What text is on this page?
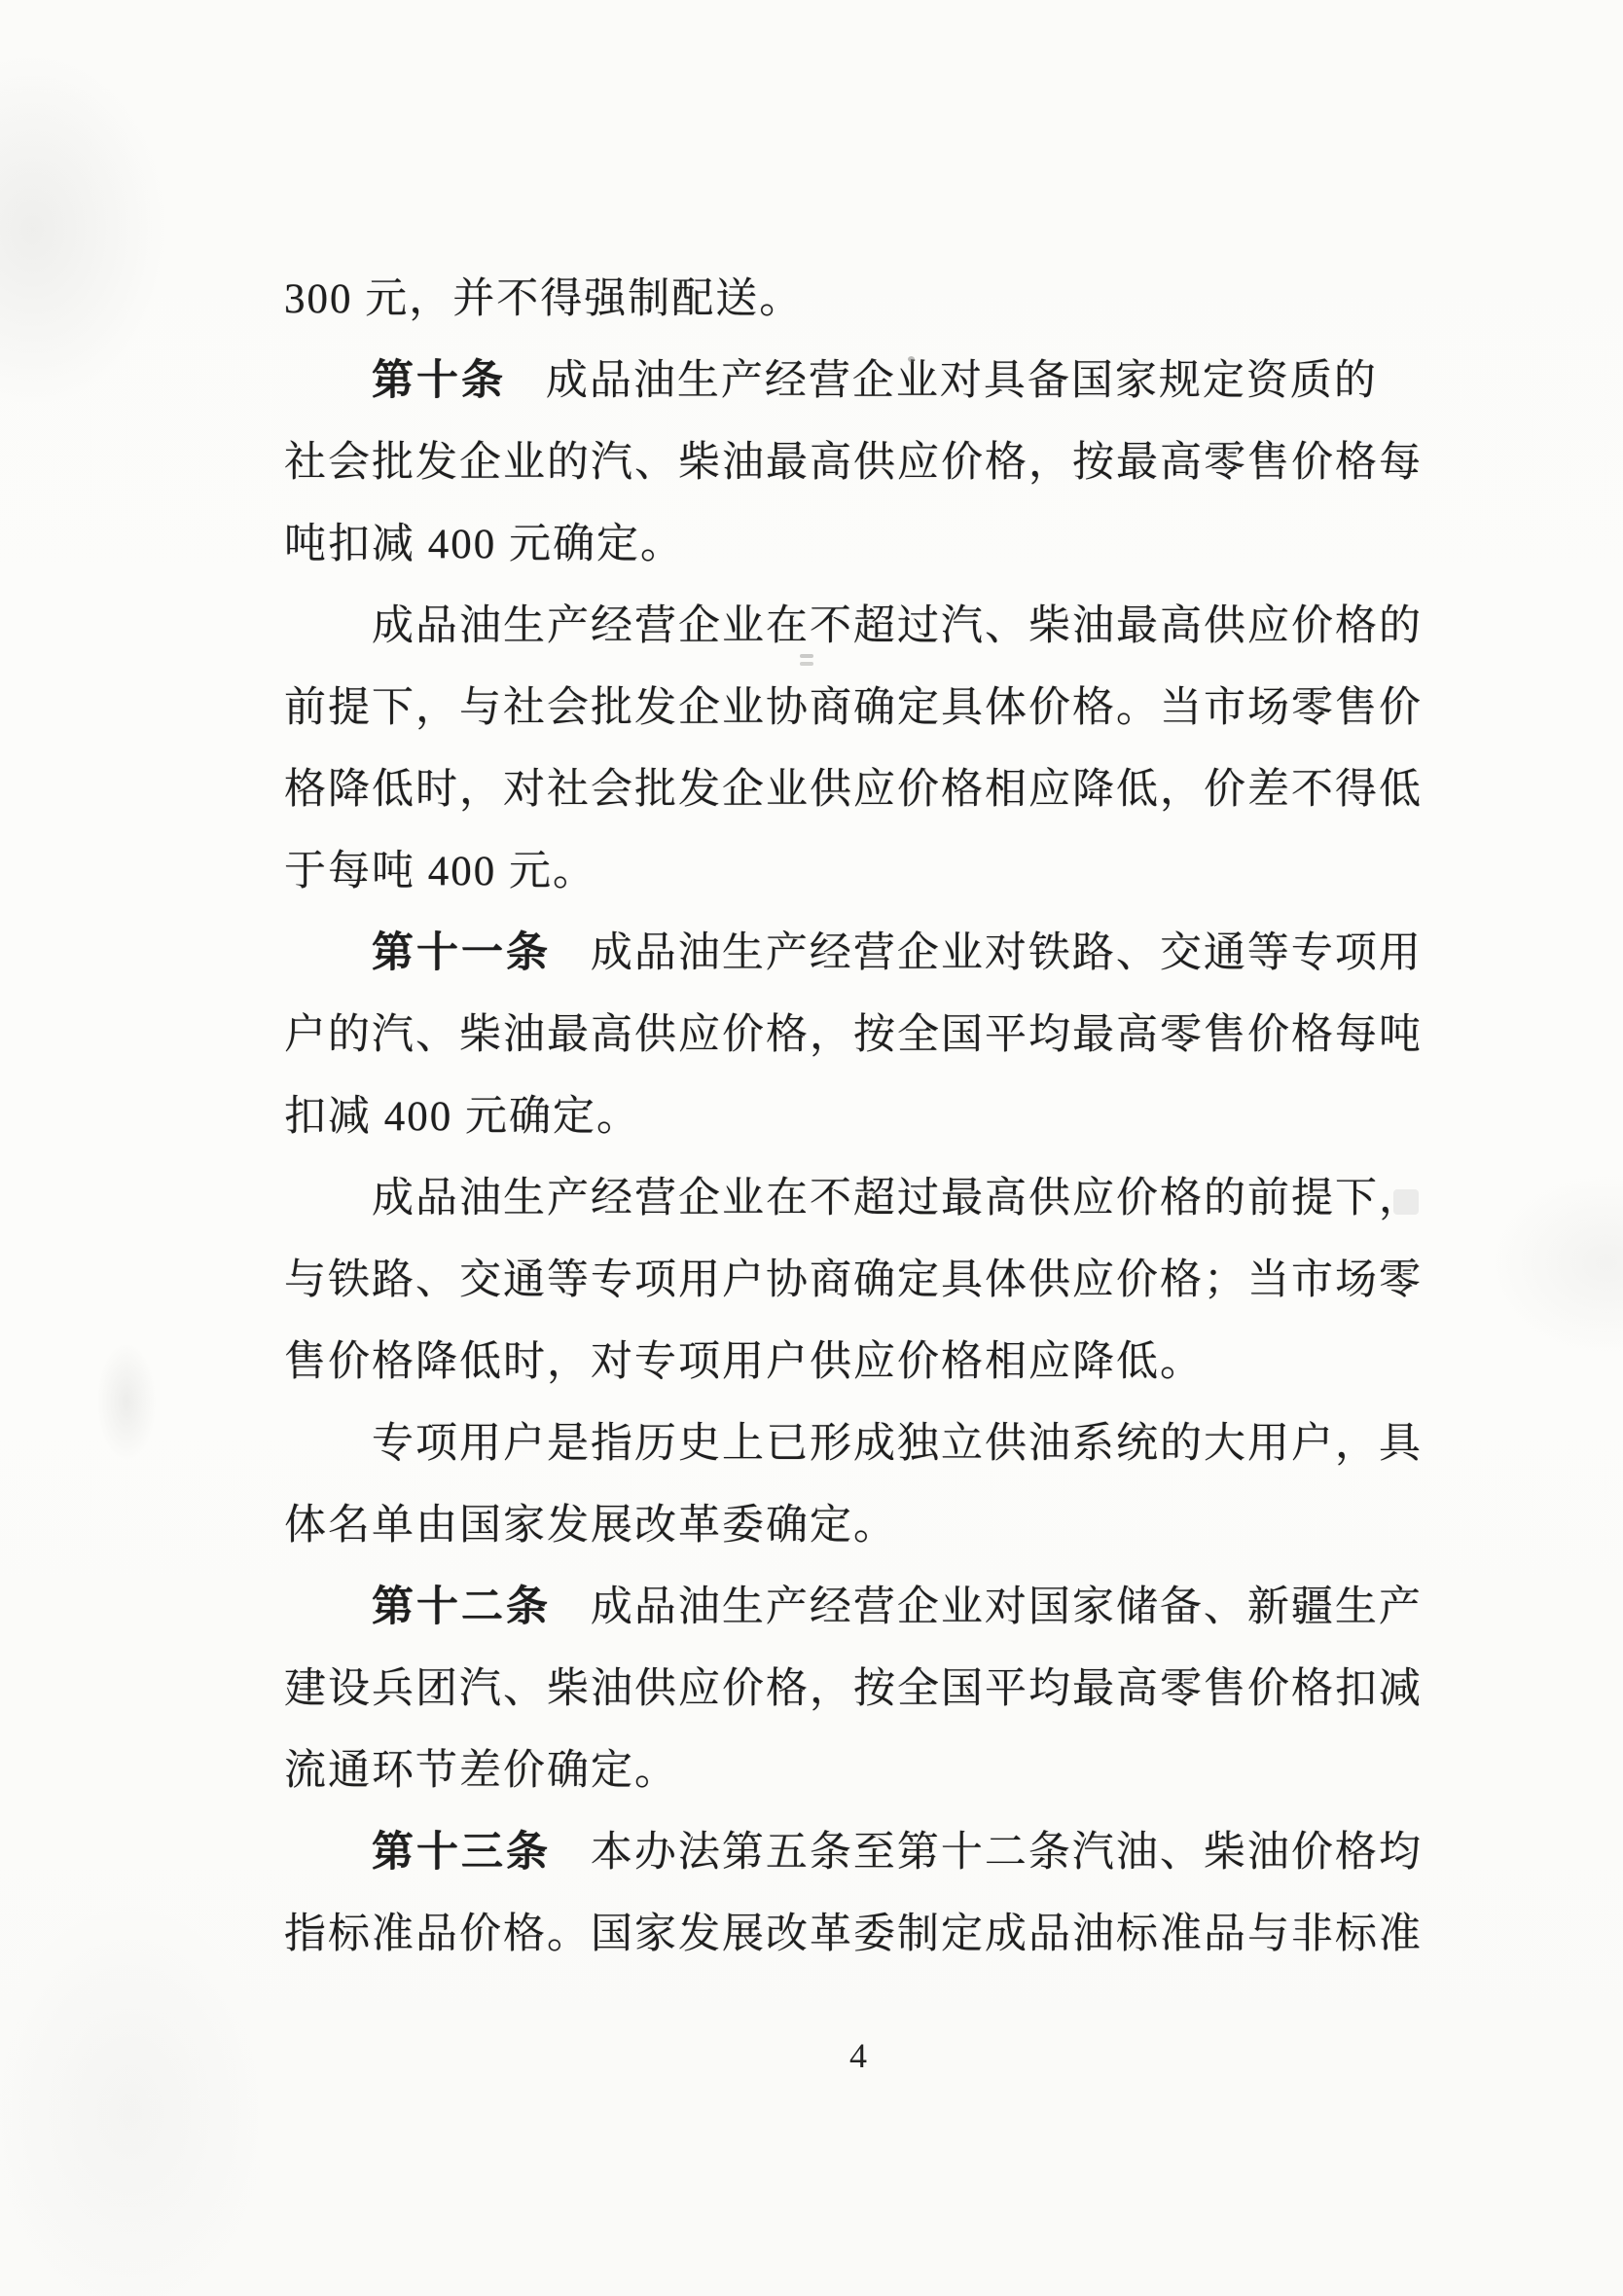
300 元，并不得强制配送。
第十条 成品油生产经营企业对具备国家规定资质的
社会批发企业的汽、柴油最高供应价格，按最高零售价格每
吨扣减 400 元确定。
成品油生产经营企业在不超过汽、柴油最高供应价格的
前提下，与社会批发企业协商确定具体价格。当市场零售价
格降低时，对社会批发企业供应价格相应降低，价差不得低
于每吨 400 元。
第十一条 成品油生产经营企业对铁路、交通等专项用
户的汽、柴油最高供应价格，按全国平均最高零售价格每吨
扣减 400 元确定。
成品油生产经营企业在不超过最高供应价格的前提下，
与铁路、交通等专项用户协商确定具体供应价格；当市场零
售价格降低时，对专项用户供应价格相应降低。
专项用户是指历史上已形成独立供油系统的大用户，具
体名单由国家发展改革委确定。
第十二条 成品油生产经营企业对国家储备、新疆生产
建设兵团汽、柴油供应价格，按全国平均最高零售价格扣减
流通环节差价确定。
第十三条 本办法第五条至第十二条汽油、柴油价格均
指标准品价格。国家发展改革委制定成品油标准品与非标准
4
